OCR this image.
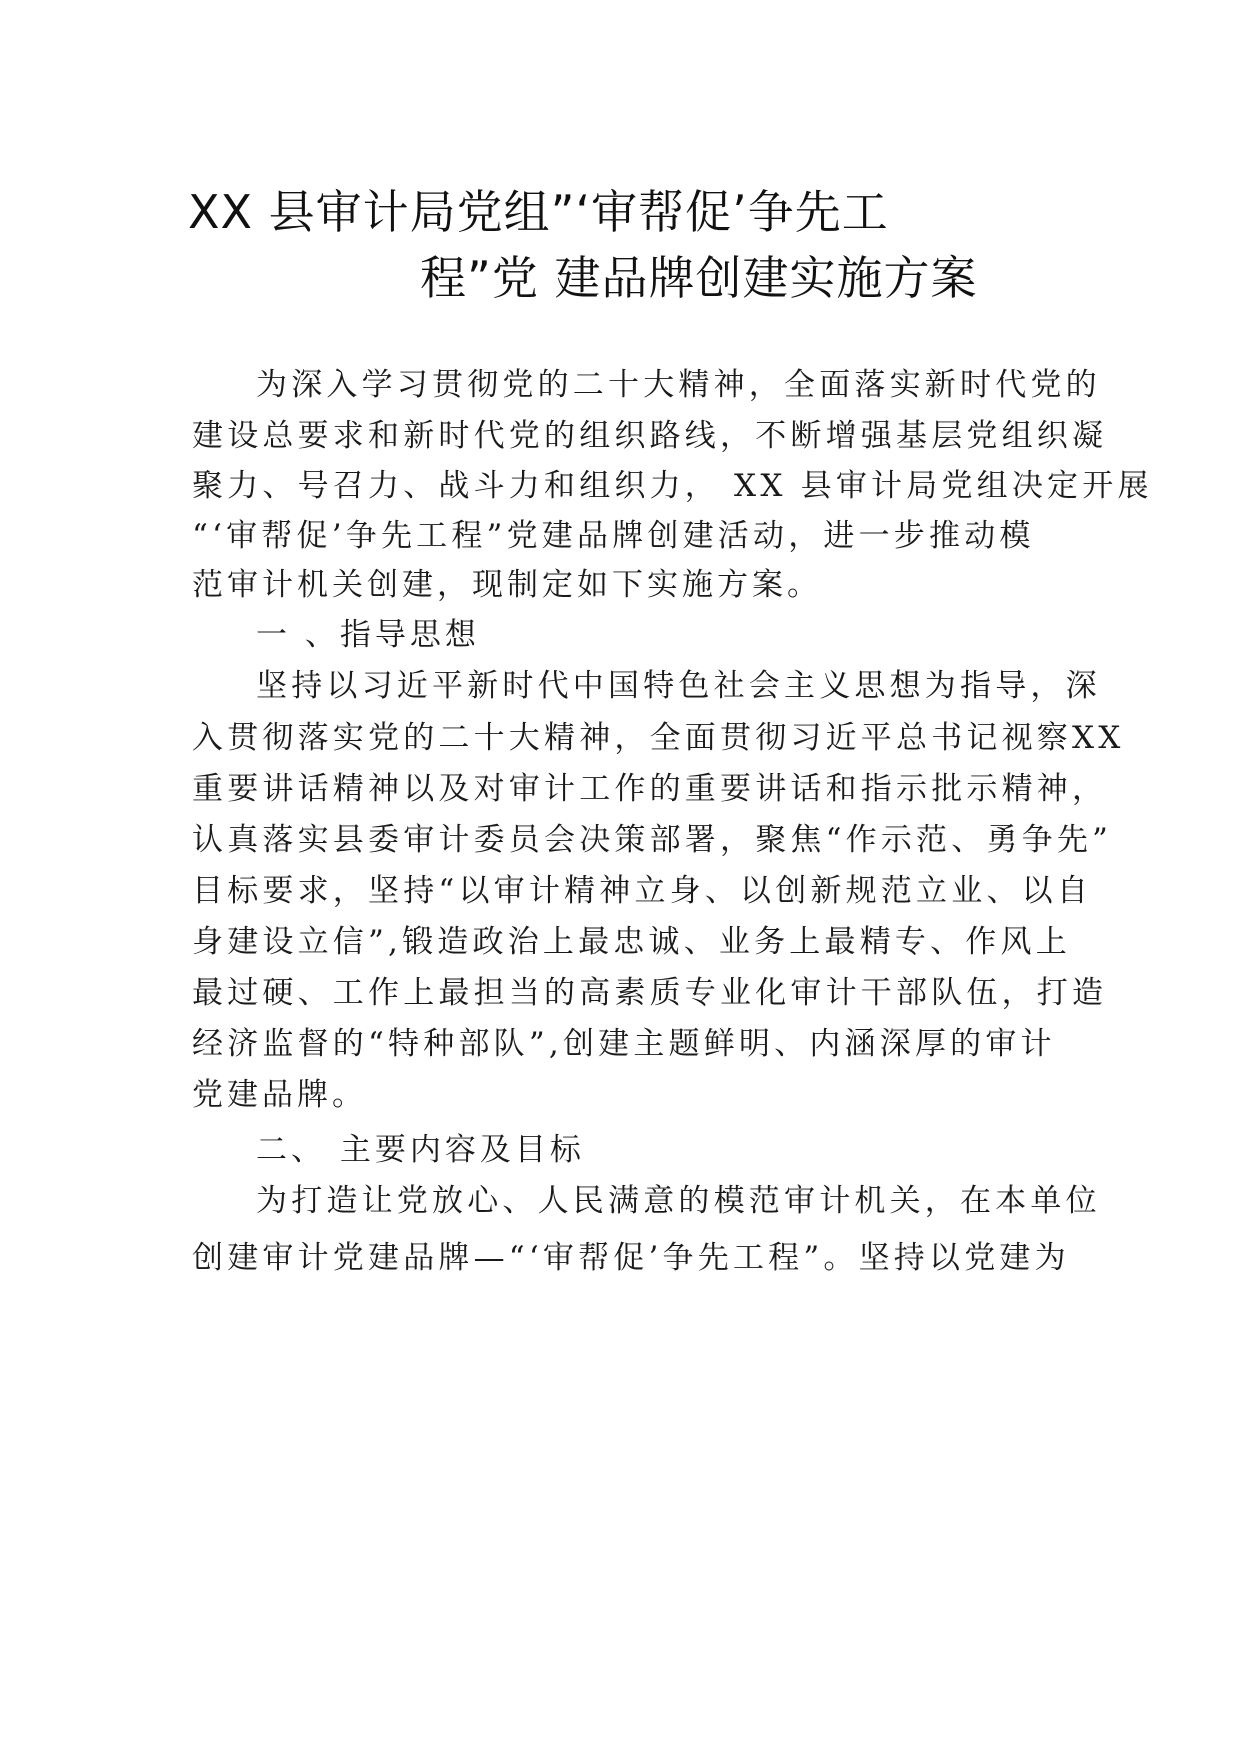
XX 县审计局党组”‘审帮促’争先工
程”党 建品牌创建实施方案
为深入学习贯彻党的二十大精神，全面落实新时代党的
建设总要求和新时代党的组织路线，不断增强基层党组织凝
聚力、号召力、战斗力和组织力， XX 县审计局党组决定开展
“‘审帮促’争先工程”党建品牌创建活动，进一步推动模
范审计机关创建，现制定如下实施方案。
一 、指导思想
坚持以习近平新时代中国特色社会主义思想为指导，深
入贯彻落实党的二十大精神，全面贯彻习近平总书记视察XX
重要讲话精神以及对审计工作的重要讲话和指示批示精神，
认真落实县委审计委员会决策部署，聚焦“作示范、勇争先”
目标要求，坚持“以审计精神立身、以创新规范立业、以自
身建设立信”,锻造政治上最忠诚、业务上最精专、作风上
最过硬、工作上最担当的高素质专业化审计干部队伍，打造
经济监督的“特种部队”,创建主题鲜明、内涵深厚的审计
党建品牌。
二、 主要内容及目标
为打造让党放心、人民满意的模范审计机关，在本单位
创建审计党建品牌—“‘审帮促’争先工程”。坚持以党建为
